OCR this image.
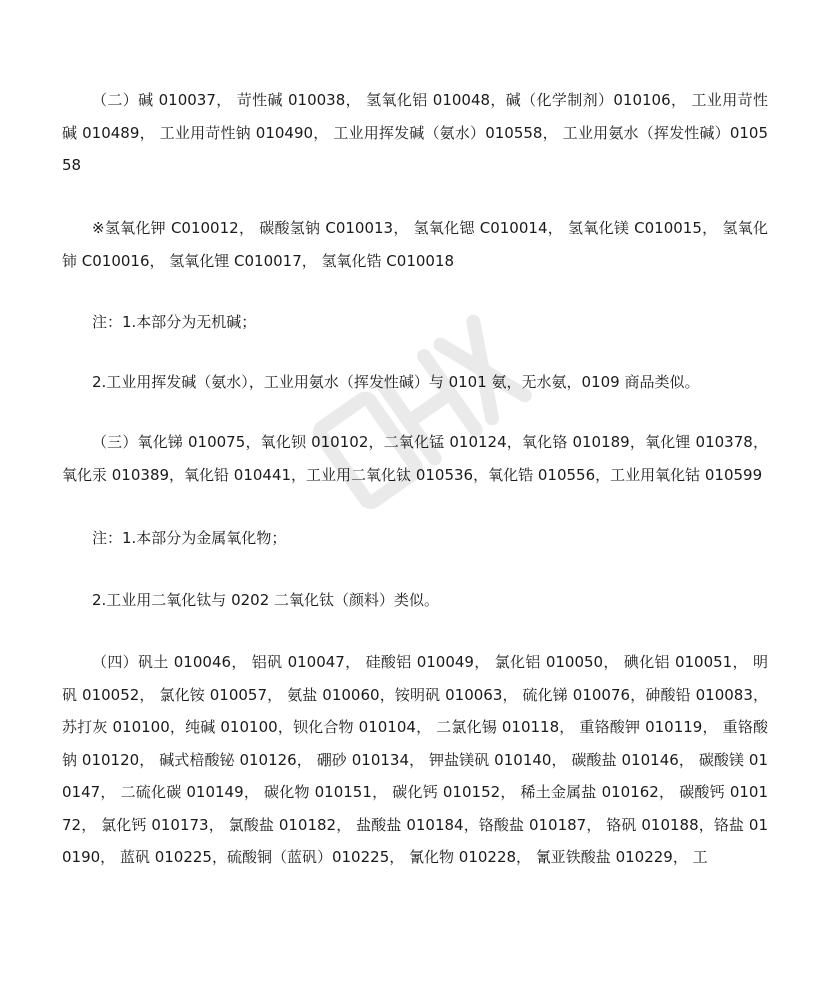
（二）碱 010037， 苛性碱 010038， 氢氧化铝 010048，碱（化学制剂）010106， 工业用苛性碱 010489， 工业用苛性钠 010490， 工业用挥发碱（氨水）010558， 工业用氨水（挥发性碱）010558

※氢氧化钾 C010012， 碳酸氢钠 C010013， 氢氧化锶 C010014， 氢氧化镁 C010015， 氢氧化铈 C010016， 氢氧化锂 C010017， 氢氧化锆 C010018

注：1.本部分为无机碱；

2.工业用挥发碱（氨水），工业用氨水（挥发性碱）与 0101 氨，无水氨，0109 商品类似。

（三）氧化锑 010075，氧化钡 010102，二氧化锰 010124，氧化铬 010189，氧化锂 010378，氧化汞 010389，氧化铅 010441，工业用二氧化钛 010536，氧化锆 010556，工业用氧化钴 010599

注：1.本部分为金属氧化物；

2.工业用二氧化钛与 0202 二氧化钛（颜料）类似。

（四）矾土 010046， 铝矾 010047， 硅酸铝 010049， 氯化铝 010050， 碘化铝 010051， 明矾 010052， 氯化铵 010057， 氨盐 010060，铵明矾 010063， 硫化锑 010076，砷酸铅 010083，苏打灰 010100，纯碱 010100，钡化合物 010104， 二氯化锡 010118， 重铬酸钾 010119， 重铬酸钠 010120， 碱式棓酸铋 010126， 硼砂 010134， 钾盐镁矾 010140， 碳酸盐 010146， 碳酸镁 010147， 二硫化碳 010149， 碳化物 010151， 碳化钙 010152， 稀土金属盐 010162， 碳酸钙 010172， 氯化钙 010173， 氯酸盐 010182， 盐酸盐 010184，铬酸盐 010187， 铬矾 010188，铬盐 010190， 蓝矾 010225，硫酸铜（蓝矾）010225， 氰化物 010228， 氰亚铁酸盐 010229， 工
